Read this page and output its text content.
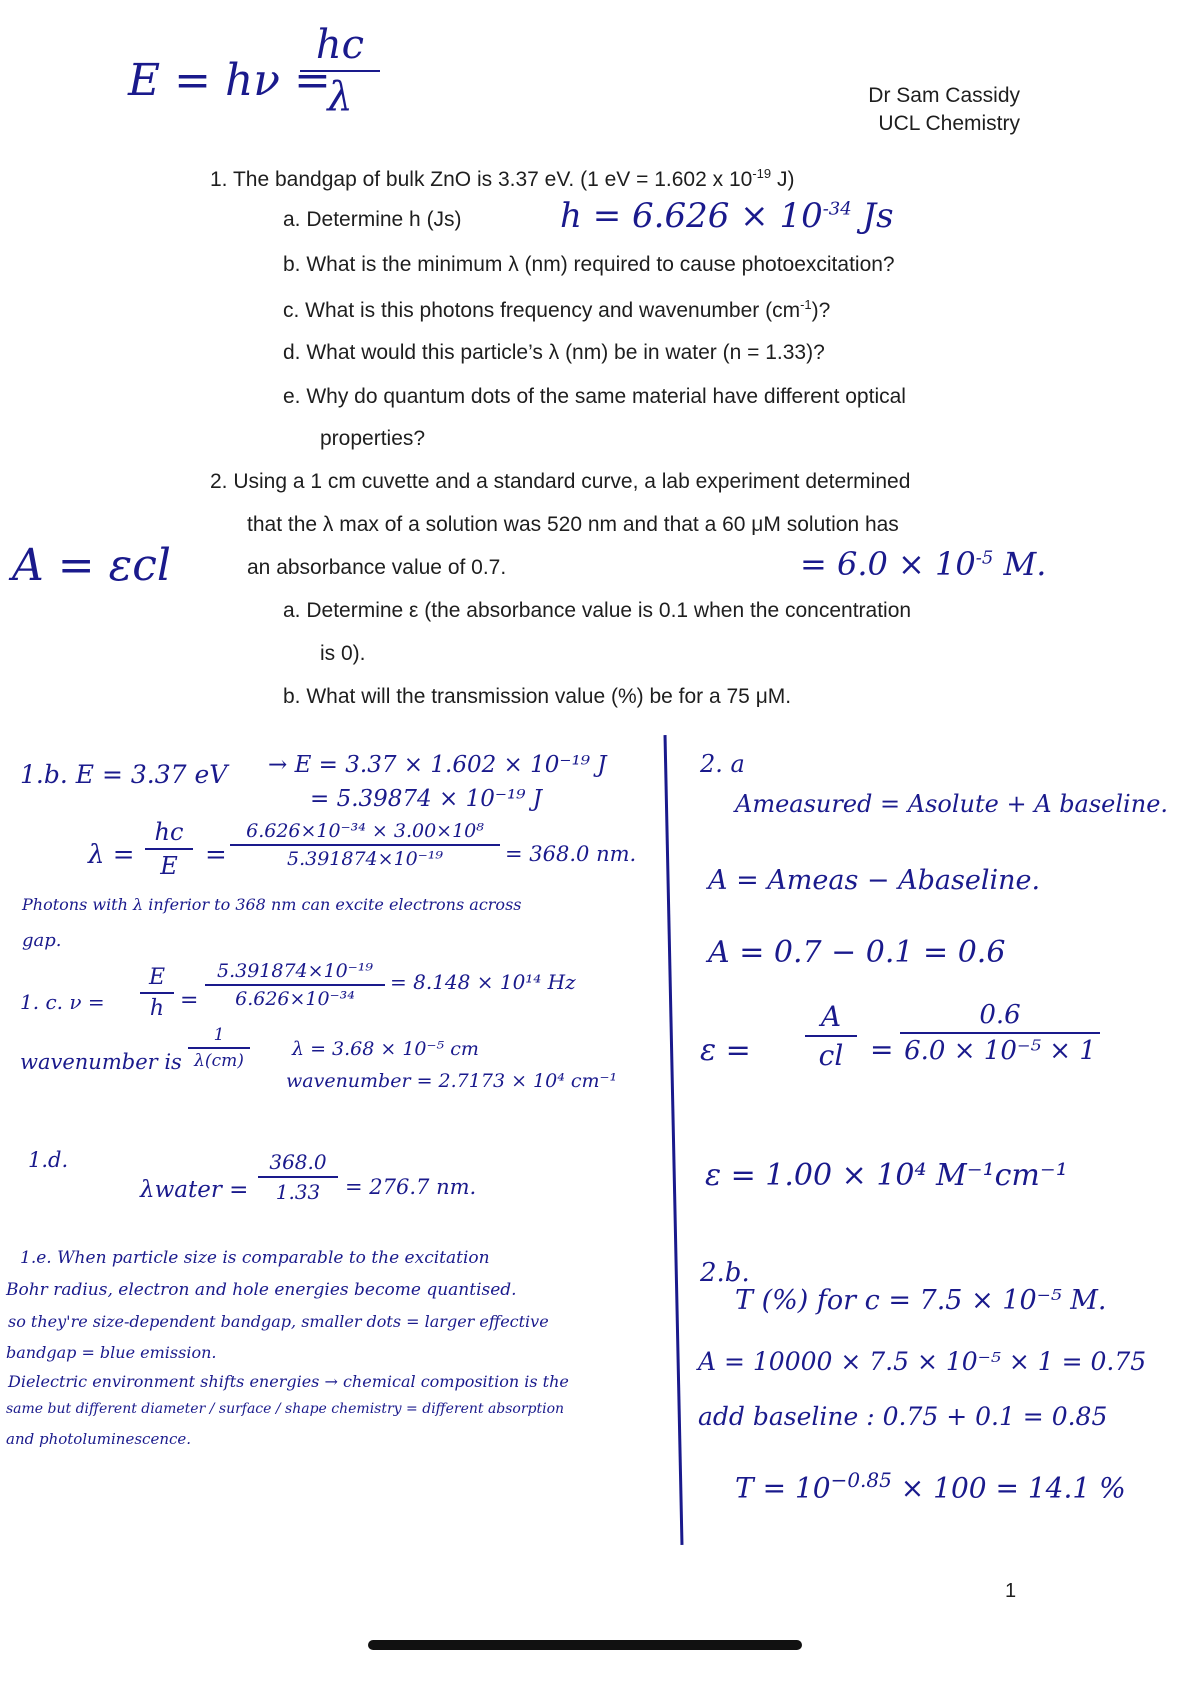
E = hν =
hc
λ	Dr Sam Cassidy
UCL Chemistry
1. The bandgap of bulk ZnO is 3.37 eV. (1 eV = 1.602 x $10^{-19}$ J)
a. Determine h (Js)	$h = 6.626 \times 10^{-34}$ Js
b. What is the minimum λ (nm) required to cause photoexcitation?
c. What is this photons frequency and wavenumber $(cm^{-1})$?
d. What would this particle’s λ (nm) be in water (n = 1.33)?
e. Why do quantum dots of the same material have different optical
properties?
2. Using a 1 cm cuvette and a standard curve, a lab experiment determined
that the λ max of a solution was 520 nm and that a 60 μM solution has
an absorbance value of 0.7.	= $6.0 \times 10^{-5}$ M.
a. Determine ε (the absorbance value is 0.1 when the concentration
is 0).
b. What will the transmission value (%) be for a 75 μM.
A = εcl
1.b. E = 3.37 eV → E = 3.37 × 1.602 × 10⁻¹⁹ J
= 5.39874 × 10⁻¹⁹ J
λ =
hc
E	=
6.626×10⁻³⁴ × 3.00×10⁸
5.391874×10⁻¹⁹	= 368.0 nm.
Photons with λ inferior to 368 nm can excite electrons across
gap.
1. c. ν =
E
h =
5.391874×10⁻¹⁹
6.626×10⁻³⁴
= 8.148 × 10¹⁴ Hz
wavenumber is
1
λ(cm)
λ = 3.68 × 10⁻⁵ cm
wavenumber = 2.7173 × 10⁴ cm⁻¹
1.d.
λwater =
368.0
1.33	= 276.7 nm.
1.e. When particle size is comparable to the excitation
Bohr radius, electron and hole energies become quantised.
so they're size-dependent bandgap, smaller dots = larger effective
bandgap = blue emission.
Dielectric environment shifts energies → chemical composition is the
same but different diameter / surface / shape chemistry = different absorption
and photoluminescence.
2. a
Ameasured = Asolute + A baseline.
A = Ameas − Abaseline.
A = 0.7 − 0.1 = 0.6
ε =
A
cl =
0.6
6.0 × 10⁻⁵ × 1
ε = 1.00 × 10⁴ M⁻¹cm⁻¹
2.b.
T (%) for c = 7.5 × 10⁻⁵ M.
A = 10000 × 7.5 × 10⁻⁵ × 1 = 0.75
add baseline : 0.75 + 0.1 = 0.85
$T = 10^{-0.85} \times 100 = 14.1$ %
1
